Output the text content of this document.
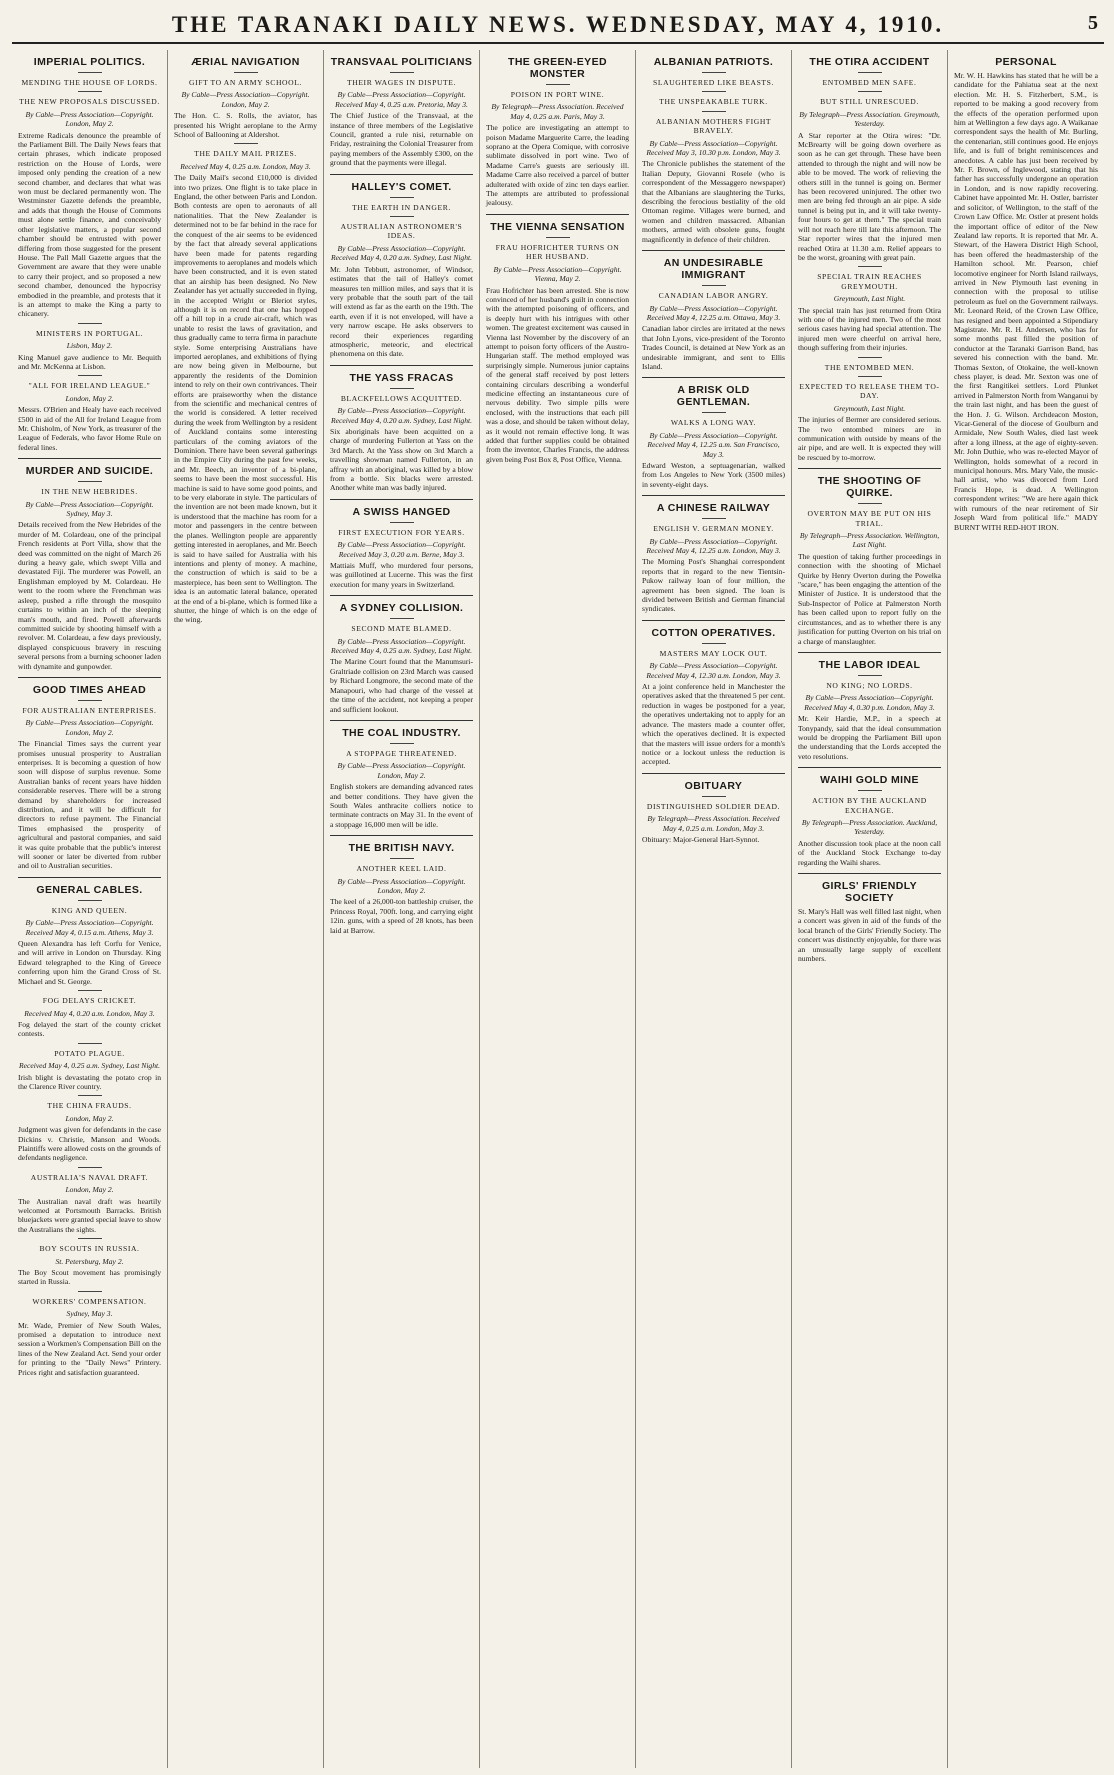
THE TARANAKI DAILY NEWS. WEDNESDAY, MAY 4, 1910.	5
IMPERIAL POLITICS.
MENDING THE HOUSE OF LORDS.
THE NEW PROPOSALS DISCUSSED.
By Cable—Press Association—Copyright. London, May 2.
Extreme Radicals denounce the preamble of the Parliament Bill. The Daily News fears that certain phrases, which indicate proposed restriction on the House of Lords, were imposed only pending the creation of a new second chamber, and declares that what was won must be declared permanently won. The Westminster Gazette defends the preamble, and adds that though the House of Commons must alone settle finance, and conceivably other legislative matters, a popular second chamber should be entrusted with power differing from those suggested for the present House. The Pall Mall Gazette argues that the Government are aware that they were unable to carry their project, and so proposed a new second chamber, denounced the hypocrisy embodied in the preamble, and protests that it is an attempt to make the King a party to chicanery.
MINISTERS IN PORTUGAL.
Lisbon, May 2.
King Manuel gave audience to Mr. Bequith and Mr. McKenna at Lisbon.
"ALL FOR IRELAND LEAGUE."
London, May 2.
Messrs. O'Brien and Healy have each received £500 in aid of the All for Ireland League from Mr. Chisholm, of New York, as treasurer of the League of Federals, who favor Home Rule on federal lines.
MURDER AND SUICIDE.
IN THE NEW HEBRIDES.
By Cable—Press Association—Copyright. Sydney, May 3.
Details received from the New Hebrides of the murder of M. Colardeau, one of the principal French residents at Port Villa, show that the deed was committed on the night of March 26 during a heavy gale, which swept Villa and devastated Fiji. The murderer was Powell, an Englishman employed by M. Colardeau. He went to the room where the Frenchman was asleep, pushed a rifle through the mosquito curtains to within an inch of the sleeping man's mouth, and fired. Powell afterwards committed suicide by shooting himself with a revolver. M. Colardeau, a few days previously, displayed conspicuous bravery in rescuing several persons from a burning schooner laden with dynamite and gunpowder.
GOOD TIMES AHEAD
FOR AUSTRALIAN ENTERPRISES.
By Cable—Press Association—Copyright. London, May 2.
The Financial Times says the current year promises unusual prosperity to Australian enterprises. It is becoming a question of how soon will dispose of surplus revenue. Some Australian banks of recent years have hidden considerable reserves. There will be a strong demand by shareholders for increased distribution, and it will be difficult for directors to refuse payment. The Financial Times emphasised the prosperity of agricultural and pastoral companies, and said it was quite probable that the public's interest will sooner or later be diverted from rubber and oil to Australian securities.
GENERAL CABLES.
KING AND QUEEN.
By Cable—Press Association—Copyright. Received May 4, 0.15 a.m. Athens, May 3.
Queen Alexandra has left Corfu for Venice, and will arrive in London on Thursday. King Edward telegraphed to the King of Greece conferring upon him the Grand Cross of St. Michael and St. George.
FOG DELAYS CRICKET.
Received May 4, 0.20 a.m. London, May 3.
Fog delayed the start of the county cricket contests.
POTATO PLAGUE.
Received May 4, 0.25 a.m. Sydney, Last Night.
Irish blight is devastating the potato crop in the Clarence River country.
THE CHINA FRAUDS.
London, May 2.
Judgment was given for defendants in the case Dickins v. Christie, Manson and Woods. Plaintiffs were allowed costs on the grounds of defendants negligence.
AUSTRALIA'S NAVAL DRAFT.
London, May 2.
The Australian naval draft was heartily welcomed at Portsmouth Barracks. British bluejackets were granted special leave to show the Australians the sights.
BOY SCOUTS IN RUSSIA.
St. Petersburg, May 2.
The Boy Scout movement has promisingly started in Russia.
WORKERS' COMPENSATION.
Sydney, May 3.
Mr. Wade, Premier of New South Wales, promised a deputation to introduce next session a Workmen's Compensation Bill on the lines of the New Zealand Act. Send your order for printing to the "Daily News" Printery. Prices right and satisfaction guaranteed.
ÆRIAL NAVIGATION
GIFT TO AN ARMY SCHOOL.
By Cable—Press Association—Copyright. London, May 2.
The Hon. C. S. Rolls, the aviator, has presented his Wright aeroplane to the Army School of Ballooning at Aldershot.
THE DAILY MAIL PRIZES.
Received May 4, 0.25 a.m. London, May 3.
The Daily Mail's second £10,000 is divided into two prizes. One flight is to take place in England, the other between Paris and London. Both contests are open to aeronauts of all nationalities. That the New Zealander is determined not to be far behind in the race for the conquest of the air seems to be evidenced by the fact that already several applications have been made for patents regarding improvements to aeroplanes and models which have been constructed, and it is even stated that an airship has been designed. No New Zealander has yet actually succeeded in flying, in the accepted Wright or Bleriot styles, although it is on record that one has hopped off a hill top in a crude air-craft, which was unable to resist the laws of gravitation, and thus gradually came to terra firma in parachute style. Some enterprising Australians have imported aeroplanes, and exhibitions of flying are now being given in Melbourne, but apparently the residents of the Dominion intend to rely on their own contrivances. Their efforts are praiseworthy when the distance from the scientific and mechanical centres of the world is considered. A letter received during the week from Wellington by a resident of Auckland contains some interesting particulars of the coming aviators of the Dominion. There have been several gatherings in the Empire City during the past few weeks, and Mr. Beech, an inventor of a bi-plane, seems to have been the most successful. His machine is said to have some good points, and to be very elaborate in style. The particulars of the invention are not been made known, but it is understood that the machine has room for a motor and passengers in the centre between the planes. Wellington people are apparently getting interested in aeroplanes, and Mr. Beech is said to have sailed for Australia with his intentions and plenty of money. A machine, the construction of which is said to be a masterpiece, has been sent to Wellington. The idea is an automatic lateral balance, operated at the end of a bi-plane, which is formed like a shutter, the hinge of which is on the edge of the wing.
TRANSVAAL POLITICIANS
THEIR WAGES IN DISPUTE.
By Cable—Press Association—Copyright. Received May 4, 0.25 a.m. Pretoria, May 3.
The Chief Justice of the Transvaal, at the instance of three members of the Legislative Council, granted a rule nisi, returnable on Friday, restraining the Colonial Treasurer from paying members of the Assembly £300, on the ground that the payments were illegal.
HALLEY'S COMET.
THE EARTH IN DANGER.
AUSTRALIAN ASTRONOMER'S IDEAS.
By Cable—Press Association—Copyright. Received May 4, 0.20 a.m. Sydney, Last Night.
Mr. John Tebbutt, astronomer, of Windsor, estimates that the tail of Halley's comet measures ten million miles, and says that it is very probable that the south part of the tail will extend as far as the earth on the 19th. The earth, even if it is not enveloped, will have a very narrow escape. He asks observers to record their experiences regarding atmospheric, meteoric, and electrical phenomena on this date.
THE YASS FRACAS
BLACKFELLOWS ACQUITTED.
By Cable—Press Association—Copyright. Received May 4, 0.20 a.m. Sydney, Last Night.
Six aboriginals have been acquitted on a charge of murdering Fullerton at Yass on the 3rd March. At the Yass show on 3rd March a travelling showman named Fullerton, in an affray with an aboriginal, was killed by a blow from a bottle. Six blacks were arrested. Another white man was badly injured.
A SWISS HANGED
FIRST EXECUTION FOR YEARS.
By Cable—Press Association—Copyright. Received May 3, 0.20 a.m. Berne, May 3.
Mattiais Muff, who murdered four persons, was guillotined at Lucerne. This was the first execution for many years in Switzerland.
A SYDNEY COLLISION.
SECOND MATE BLAMED.
By Cable—Press Association—Copyright. Received May 4, 0.25 a.m. Sydney, Last Night.
The Marine Court found that the Manumsuri-Graltriade collision on 23rd March was caused by Richard Longmore, the second mate of the Manapouri, who had charge of the vessel at the time of the accident, not keeping a proper and sufficient lookout.
THE COAL INDUSTRY.
A STOPPAGE THREATENED.
By Cable—Press Association—Copyright. London, May 2.
English stokers are demanding advanced rates and better conditions. They have given the South Wales anthracite colliers notice to terminate contracts on May 31. In the event of a stoppage 16,000 men will be idle.
THE BRITISH NAVY.
ANOTHER KEEL LAID.
By Cable—Press Association—Copyright. London, May 2.
The keel of a 26,000-ton battleship cruiser, the Princess Royal, 700ft. long, and carrying eight 12in. guns, with a speed of 28 knots, has been laid at Barrow.
THE GREEN-EYED MONSTER
POISON IN PORT WINE.
By Telegraph—Press Association. Received May 4, 0.25 a.m. Paris, May 3.
The police are investigating an attempt to poison Madame Marguerite Carre, the leading soprano at the Opera Comique, with corrosive sublimate dissolved in port wine. Two of Madame Carre's guests are seriously ill. Madame Carre also received a parcel of butter adulterated with oxide of zinc ten days earlier. The attempts are attributed to professional jealousy.
THE VIENNA SENSATION
FRAU HOFRICHTER TURNS ON HER HUSBAND.
By Cable—Press Association—Copyright. Vienna, May 2.
Frau Hofrichter has been arrested. She is now convinced of her husband's guilt in connection with the attempted poisoning of officers, and is deeply hurt with his intrigues with other women. The greatest excitement was caused in Vienna last November by the discovery of an attempt to poison forty officers of the Austro-Hungarian staff. The method employed was surprisingly simple. Numerous junior captains of the general staff received by post letters containing circulars describing a wonderful medicine effecting an instantaneous cure of nervous debility. Two simple pills were enclosed, with the instructions that each pill was a dose, and should be taken without delay, as it would not remain effective long. It was added that further supplies could be obtained from the inventor, Charles Francis, the address given being Post Box 8, Post Office, Vienna.
ALBANIAN PATRIOTS.
SLAUGHTERED LIKE BEASTS.
THE UNSPEAKABLE TURK.
ALBANIAN MOTHERS FIGHT BRAVELY.
By Cable—Press Association—Copyright. Received May 3, 10.30 p.m. London, May 3.
The Chronicle publishes the statement of the Italian Deputy, Giovanni Rosele (who is correspondent of the Messaggero newspaper) that the Albanians are slaughtering the Turks, describing the ferocious bestiality of the old Ottoman regime. Villages were burned, and women and children massacred. Albanian mothers, armed with obsolete guns, fought magnificently in defence of their children.
AN UNDESIRABLE IMMIGRANT
CANADIAN LABOR ANGRY.
By Cable—Press Association—Copyright. Received May 4, 12.25 a.m. Ottawa, May 3.
Canadian labor circles are irritated at the news that John Lyons, vice-president of the Toronto Trades Council, is detained at New York as an undesirable immigrant, and sent to Ellis Island.
A BRISK OLD GENTLEMAN.
WALKS A LONG WAY.
By Cable—Press Association—Copyright. Received May 4, 12.25 a.m. San Francisco, May 3.
Edward Weston, a septuagenarian, walked from Los Angeles to New York (3500 miles) in seventy-eight days.
A CHINESE RAILWAY
ENGLISH V. GERMAN MONEY.
By Cable—Press Association—Copyright. Received May 4, 12.25 a.m. London, May 3.
The Morning Post's Shanghai correspondent reports that in regard to the new Tientsin-Pukow railway loan of four million, the agreement has been signed. The loan is divided between British and German financial syndicates.
COTTON OPERATIVES.
MASTERS MAY LOCK OUT.
By Cable—Press Association—Copyright. Received May 4, 12.30 a.m. London, May 3.
At a joint conference held in Manchester the operatives asked that the threatened 5 per cent. reduction in wages be postponed for a year, the operatives undertaking not to apply for an advance. The masters made a counter offer, which the operatives declined. It is expected that the masters will issue orders for a month's notice or a lockout unless the reduction is accepted.
OBITUARY
DISTINGUISHED SOLDIER DEAD.
By Telegraph—Press Association. Received May 4, 0.25 a.m. London, May 3.
Obituary: Major-General Hart-Synnot.
THE OTIRA ACCIDENT
ENTOMBED MEN SAFE.
BUT STILL UNRESCUED.
By Telegraph—Press Association. Greymouth, Yesterday.
A Star reporter at the Otira wires: "Dr. McBrearty will be going down overhere as soon as he can get through. These have been attended to through the night and will now be able to be moved. The work of relieving the others still in the tunnel is going on. Bermer has been recovered uninjured. The other two men are being fed through an air pipe. A side tunnel is being put in, and it will take twenty-four hours to get at them." The special train will not reach here till late this afternoon. The Star reporter wires that the injured men reached Otira at 11.30 a.m. Relief appears to be the worst, groaning with great pain.
SPECIAL TRAIN REACHES GREYMOUTH.
Greymouth, Last Night.
The special train has just returned from Otira with one of the injured men. Two of the most serious cases having had special attention. The injured men were cheerful on arrival here, though suffering from their injuries.
THE ENTOMBED MEN.
EXPECTED TO RELEASE THEM TO-DAY.
Greymouth, Last Night.
The injuries of Bermer are considered serious. The two entombed miners are in communication with outside by means of the air pipe, and are well. It is expected they will be rescued by to-morrow.
THE SHOOTING OF QUIRKE.
OVERTON MAY BE PUT ON HIS TRIAL.
By Telegraph—Press Association. Wellington, Last Night.
The question of taking further proceedings in connection with the shooting of Michael Quirke by Henry Overton during the Powelka "scare," has been engaging the attention of the Minister of Justice. It is understood that the Sub-Inspector of Police at Palmerston North has been called upon to report fully on the circumstances, and as to whether there is any justification for putting Overton on his trial on a charge of manslaughter.
THE LABOR IDEAL
NO KING; NO LORDS.
By Cable—Press Association—Copyright. Received May 4, 0.30 p.m. London, May 3.
Mr. Keir Hardie, M.P., in a speech at Tonypandy, said that the ideal consummation would be dropping the Parliament Bill upon the understanding that the Lords accepted the veto resolutions.
WAIHI GOLD MINE
ACTION BY THE AUCKLAND EXCHANGE.
By Telegraph—Press Association. Auckland, Yesterday.
Another discussion took place at the noon call of the Auckland Stock Exchange to-day regarding the Waihi shares.
GIRLS' FRIENDLY SOCIETY
St. Mary's Hall was well filled last night, when a concert was given in aid of the funds of the local branch of the Girls' Friendly Society. The concert was distinctly enjoyable, for there was an unusually large supply of excellent numbers.
PERSONAL
Mr. W. H. Hawkins has stated that he will be a candidate for the Pahiatua seat at the next election. Mr. H. S. Fitzherbert, S.M., is reported to be making a good recovery from the effects of the operation performed upon him at Wellington a few days ago. A Waikanae correspondent says the health of Mr. Burling, the centenarian, still continues good. He enjoys life, and is full of bright reminiscences and anecdotes. A cable has just been received by Mr. F. Brown, of Inglewood, stating that his father has successfully undergone an operation in London, and is now rapidly recovering. Cabinet have appointed Mr. H. Ostler, barrister and solicitor, of Wellington, to the staff of the Crown Law Office. Mr. Ostler at present holds the important office of editor of the New Zealand law reports. It is reported that Mr. A. Stewart, of the Hawera District High School, has been offered the headmastership of the Hamilton school. Mr. Pearson, chief locomotive engineer for North Island railways, arrived in New Plymouth last evening in connection with the proposal to utilise petroleum as fuel on the Government railways. Mr. Leonard Reid, of the Crown Law Office, has resigned and been appointed a Stipendiary Magistrate. Mr. R. H. Andersen, who has for some months past filled the position of conductor at the Taranaki Garrison Band, has severed his connection with the band. Mr. Thomas Sexton, of Otokaine, the well-known chess player, is dead. Mr. Sexton was one of the first Rangitikei settlers. Lord Plunket arrived in Palmerston North from Wanganui by the train last night, and has been the guest of the Hon. J. G. Wilson. Archdeacon Moston, Vicar-General of the diocese of Goulburn and Armidale, New South Wales, died last week after a long illness, at the age of eighty-seven. Mr. John Duthie, who was re-elected Mayor of Wellington, holds somewhat of a record in municipal honours. Mrs. Mary Vale, the music-hall artist, who was divorced from Lord Francis Hope, is dead. A Wellington correspondent writes: "We are here again thick with rumours of the near retirement of Sir Joseph Ward from political life." MADY BURNT WITH RED-HOT IRON.
